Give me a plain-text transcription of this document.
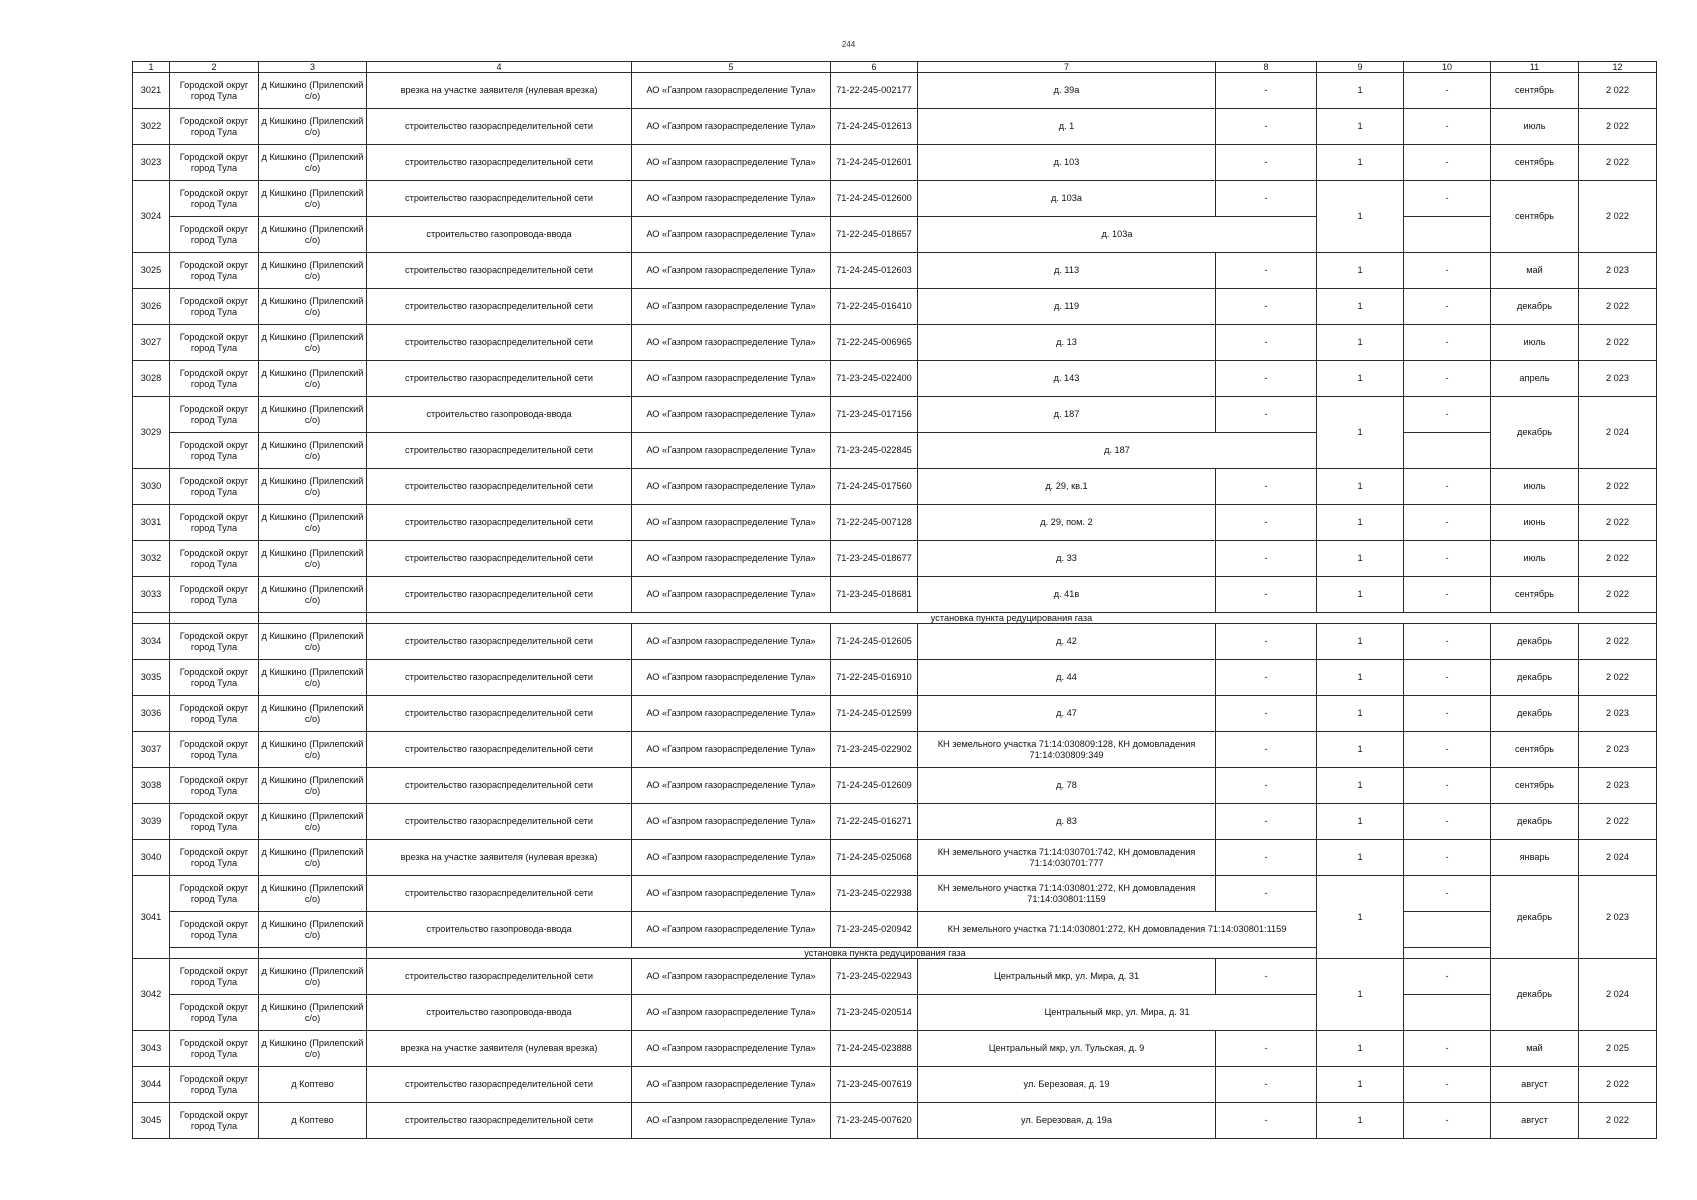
244
1	2	3	4	5	6	7	8	9	10	11	12
3021	Городской округ город Тула	д Кишкино (Прилепский с/о)	врезка на участке заявителя (нулевая врезка)	АО «Газпром газораспределение Тула»	71-22-245-002177	д. 39а	-	1	-	сентябрь	2 022
3022	Городской округ город Тула	д Кишкино (Прилепский с/о)	строительство газораспределительной сети	АО «Газпром газораспределение Тула»	71-24-245-012613	д. 1	-	1	-	июль	2 022
3023	Городской округ город Тула	д Кишкино (Прилепский с/о)	строительство газораспределительной сети	АО «Газпром газораспределение Тула»	71-24-245-012601	д. 103	-	1	-	сентябрь	2 022
3024	Городской округ город Тула	д Кишкино (Прилепский с/о)	строительство газораспределительной сети	АО «Газпром газораспределение Тула»	71-24-245-012600	д. 103а	-	1	-	сентябрь	2 022
	Городской округ город Тула	д Кишкино (Прилепский с/о)	строительство газопровода-ввода	АО «Газпром газораспределение Тула»	71-22-245-018657	д. 103а					
3025	Городской округ город Тула	д Кишкино (Прилепский с/о)	строительство газораспределительной сети	АО «Газпром газораспределение Тула»	71-24-245-012603	д. 113	-	1	-	май	2 023
3026	Городской округ город Тула	д Кишкино (Прилепский с/о)	строительство газораспределительной сети	АО «Газпром газораспределение Тула»	71-22-245-016410	д. 119	-	1	-	декабрь	2 022
3027	Городской округ город Тула	д Кишкино (Прилепский с/о)	строительство газораспределительной сети	АО «Газпром газораспределение Тула»	71-22-245-006965	д. 13	-	1	-	июль	2 022
3028	Городской округ город Тула	д Кишкино (Прилепский с/о)	строительство газораспределительной сети	АО «Газпром газораспределение Тула»	71-23-245-022400	д. 143	-	1	-	апрель	2 023
3029	Городской округ город Тула	д Кишкино (Прилепский с/о)	строительство газопровода-ввода	АО «Газпром газораспределение Тула»	71-23-245-017156	д. 187	-	1	-	декабрь	2 024
	Городской округ город Тула	д Кишкино (Прилепский с/о)	строительство газораспределительной сети	АО «Газпром газораспределение Тула»	71-23-245-022845	д. 187					
3030	Городской округ город Тула	д Кишкино (Прилепский с/о)	строительство газораспределительной сети	АО «Газпром газораспределение Тула»	71-24-245-017560	д. 29, кв.1	-	1	-	июль	2 022
3031	Городской округ город Тула	д Кишкино (Прилепский с/о)	строительство газораспределительной сети	АО «Газпром газораспределение Тула»	71-22-245-007128	д. 29, пом. 2	-	1	-	июнь	2 022
3032	Городской округ город Тула	д Кишкино (Прилепский с/о)	строительство газораспределительной сети	АО «Газпром газораспределение Тула»	71-23-245-018677	д. 33	-	1	-	июль	2 022
3033	Городской округ город Тула	д Кишкино (Прилепский с/о)	строительство газораспределительной сети	АО «Газпром газораспределение Тула»	71-23-245-018681	д. 41в	-	1	-	сентябрь	2 022
			установка пункта редуцирования газа								
3034	Городской округ город Тула	д Кишкино (Прилепский с/о)	строительство газораспределительной сети	АО «Газпром газораспределение Тула»	71-24-245-012605	д. 42	-	1	-	декабрь	2 022
3035	Городской округ город Тула	д Кишкино (Прилепский с/о)	строительство газораспределительной сети	АО «Газпром газораспределение Тула»	71-22-245-016910	д. 44	-	1	-	декабрь	2 022
3036	Городской округ город Тула	д Кишкино (Прилепский с/о)	строительство газораспределительной сети	АО «Газпром газораспределение Тула»	71-24-245-012599	д. 47	-	1	-	декабрь	2 023
3037	Городской округ город Тула	д Кишкино (Прилепский с/о)	строительство газораспределительной сети	АО «Газпром газораспределение Тула»	71-23-245-022902	КН земельного участка 71:14:030809:128, КН домовладения 71:14:030809:349	-	1	-	сентябрь	2 023
3038	Городской округ город Тула	д Кишкино (Прилепский с/о)	строительство газораспределительной сети	АО «Газпром газораспределение Тула»	71-24-245-012609	д. 78	-	1	-	сентябрь	2 023
3039	Городской округ город Тула	д Кишкино (Прилепский с/о)	строительство газораспределительной сети	АО «Газпром газораспределение Тула»	71-22-245-016271	д. 83	-	1	-	декабрь	2 022
3040	Городской округ город Тула	д Кишкино (Прилепский с/о)	врезка на участке заявителя (нулевая врезка)	АО «Газпром газораспределение Тула»	71-24-245-025068	КН земельного участка 71:14:030701:742, КН домовладения 71:14:030701:777	-	1	-	январь	2 024
3041	Городской округ город Тула	д Кишкино (Прилепский с/о)	строительство газораспределительной сети	АО «Газпром газораспределение Тула»	71-23-245-022938	КН земельного участка 71:14:030801:272, КН домовладения 71:14:030801:1159	-	1	-	декабрь	2 023
	Городской округ город Тула	д Кишкино (Прилепский с/о)	строительство газопровода-ввода	АО «Газпром газораспределение Тула»	71-23-245-020942	КН земельного участка 71:14:030801:272, КН домовладения 71:14:030801:1159					
			установка пункта редуцирования газа								
3042	Городской округ город Тула	д Кишкино (Прилепский с/о)	строительство газораспределительной сети	АО «Газпром газораспределение Тула»	71-23-245-022943	Центральный мкр, ул. Мира, д. 31	-	1	-	декабрь	2 024
	Городской округ город Тула	д Кишкино (Прилепский с/о)	строительство газопровода-ввода	АО «Газпром газораспределение Тула»	71-23-245-020514	Центральный мкр, ул. Мира, д. 31					
3043	Городской округ город Тула	д Кишкино (Прилепский с/о)	врезка на участке заявителя (нулевая врезка)	АО «Газпром газораспределение Тула»	71-24-245-023888	Центральный мкр, ул. Тульская, д. 9	-	1	-	май	2 025
3044	Городской округ город Тула	д Коптево	строительство газораспределительной сети	АО «Газпром газораспределение Тула»	71-23-245-007619	ул. Березовая, д. 19	-	1	-	август	2 022
3045	Городской округ город Тула	д Коптево	строительство газораспределительной сети	АО «Газпром газораспределение Тула»	71-23-245-007620	ул. Березовая, д. 19а	-	1	-	август	2 022
